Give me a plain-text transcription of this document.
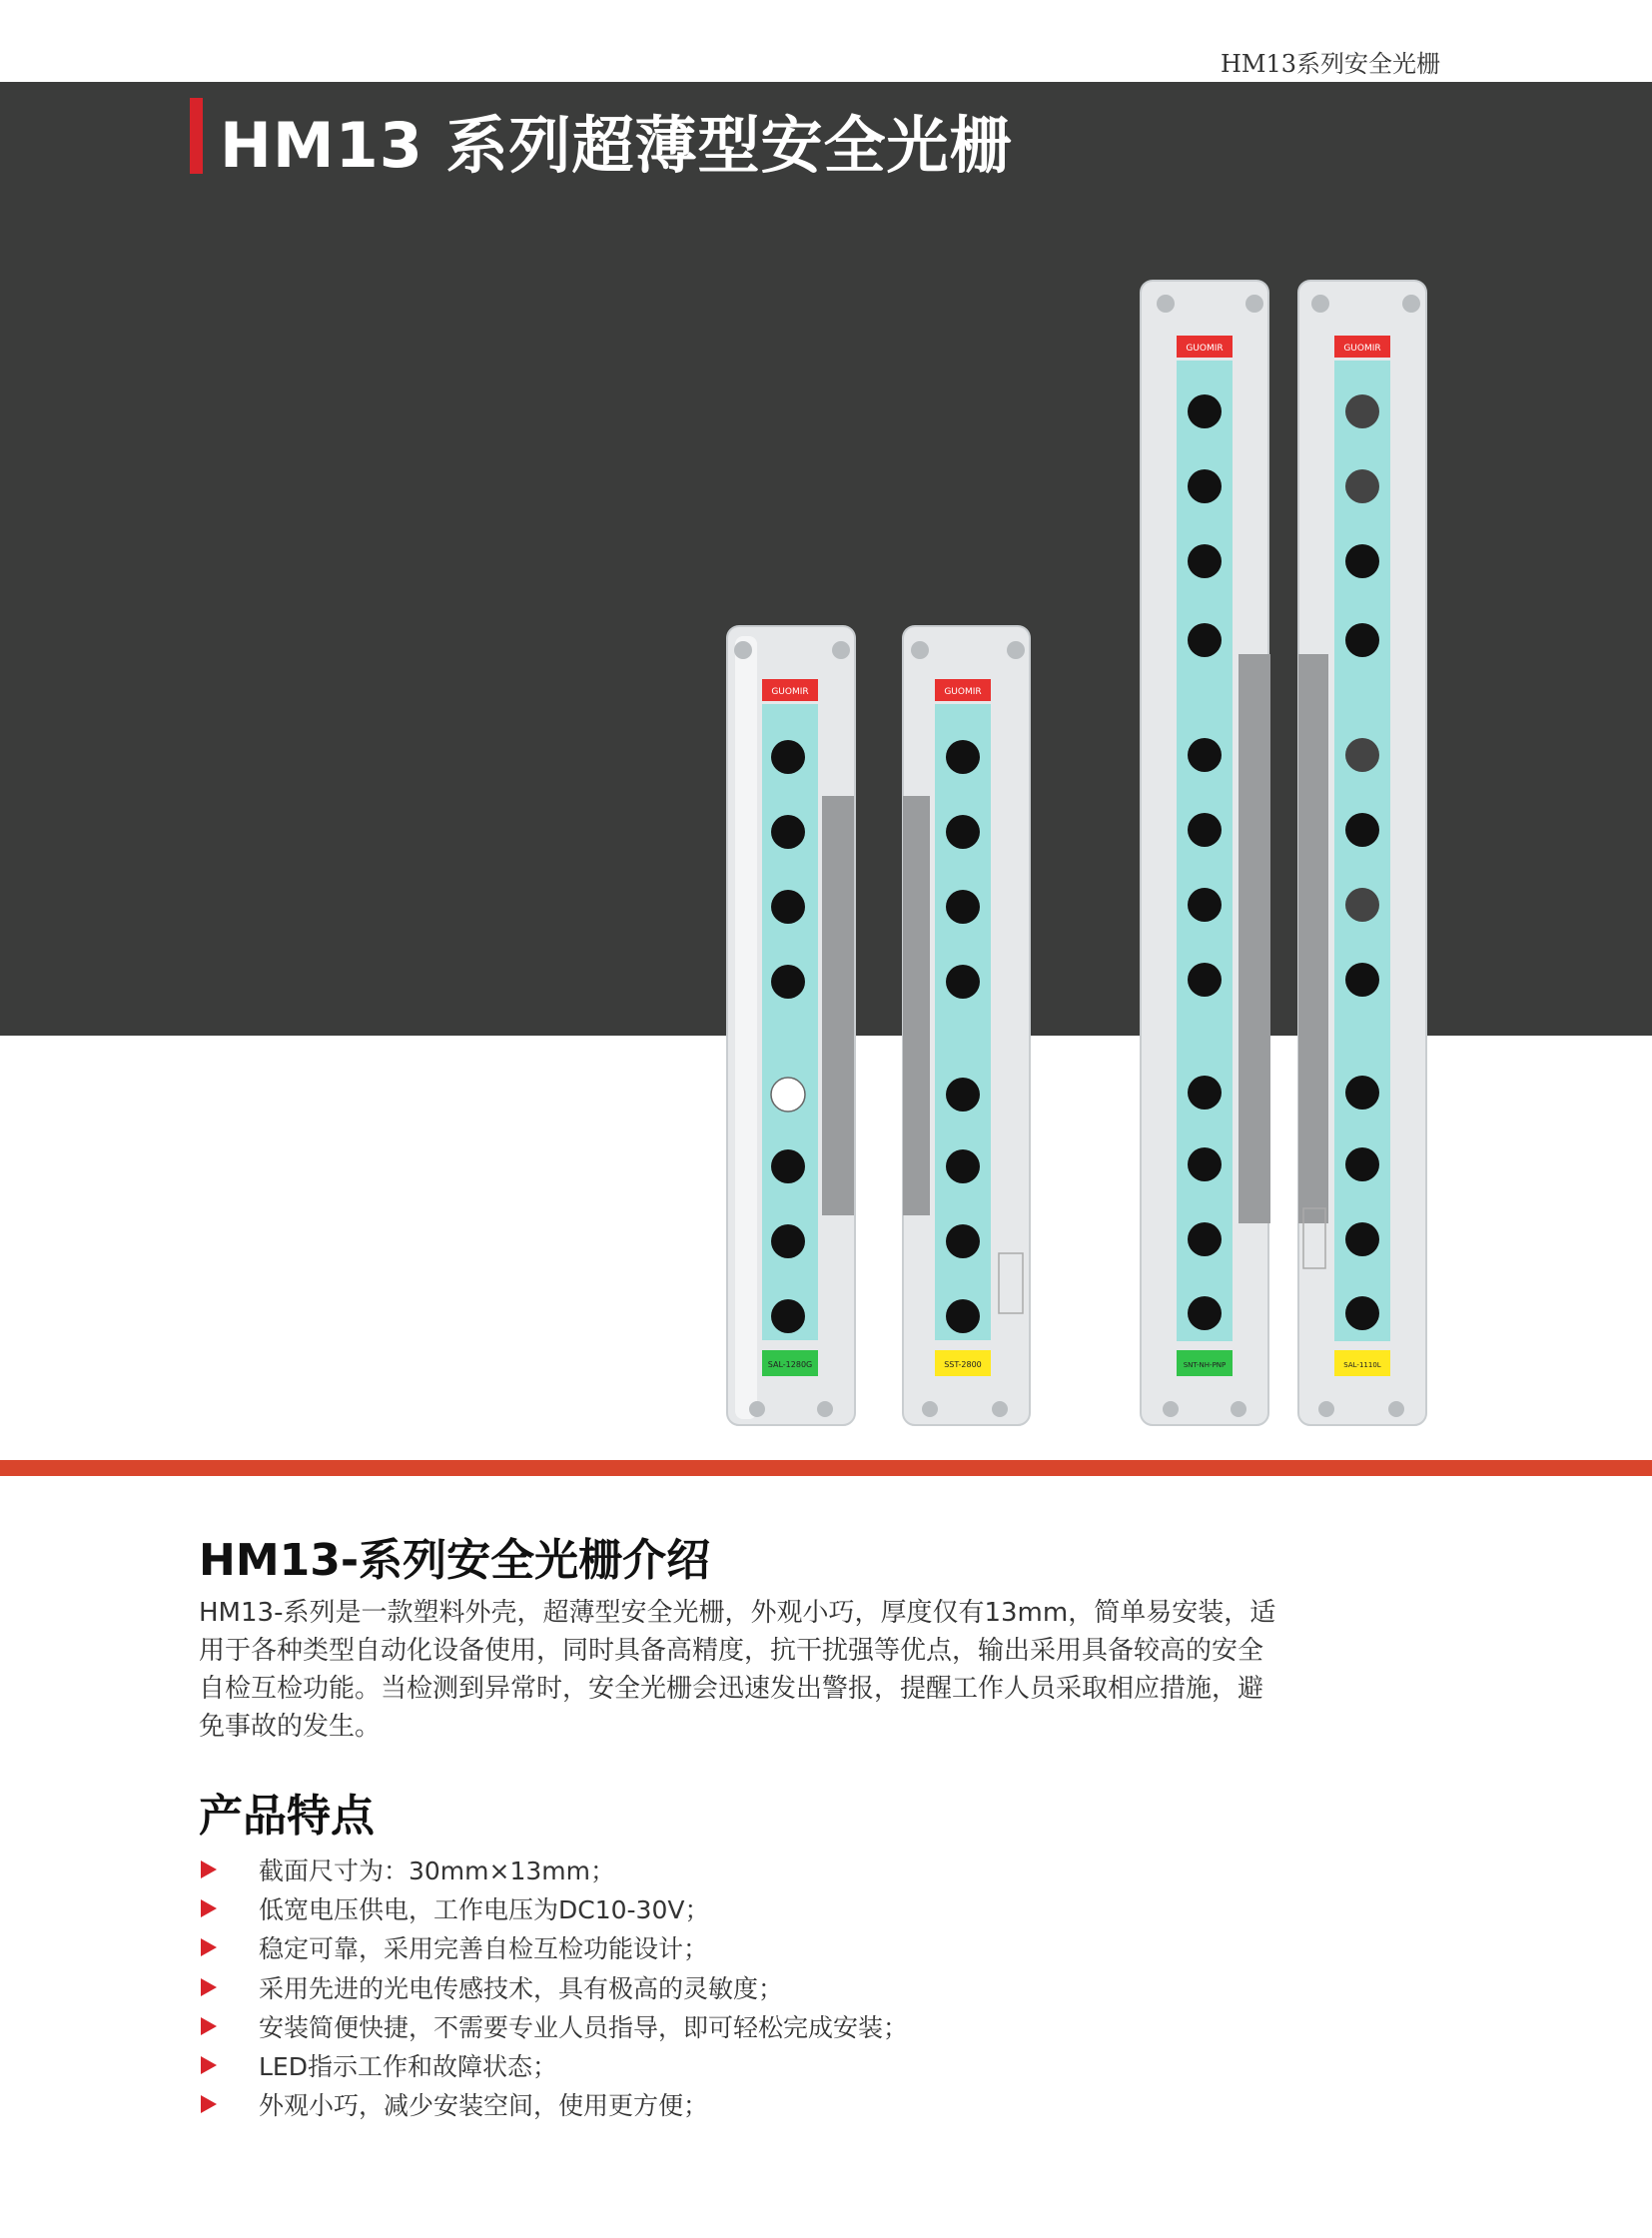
HM13系列安全光栅
HM13 系列超薄型安全光栅
GUOMIR
SAL-1280G
GUOMIR
SST-2800
GUOMIR
SNT-NH-PNP
GUOMIR
SAL-1110L
HM13-系列安全光栅介绍

HM13-系列是一款塑料外壳，超薄型安全光栅，外观小巧，厚度仅有13mm，简单易安装，适用于各种类型自动化设备使用，同时具备高精度，抗干扰强等优点，输出采用具备较高的安全自检互检功能。当检测到异常时，安全光栅会迅速发出警报，提醒工作人员采取相应措施，避免事故的发生。

产品特点
截面尺寸为：30mm×13mm；
低宽电压供电，工作电压为DC10-30V；
稳定可靠，采用完善自检互检功能设计；
采用先进的光电传感技术，具有极高的灵敏度；
安装简便快捷，不需要专业人员指导，即可轻松完成安装；
LED指示工作和故障状态；
外观小巧，减少安装空间，使用更方便；
